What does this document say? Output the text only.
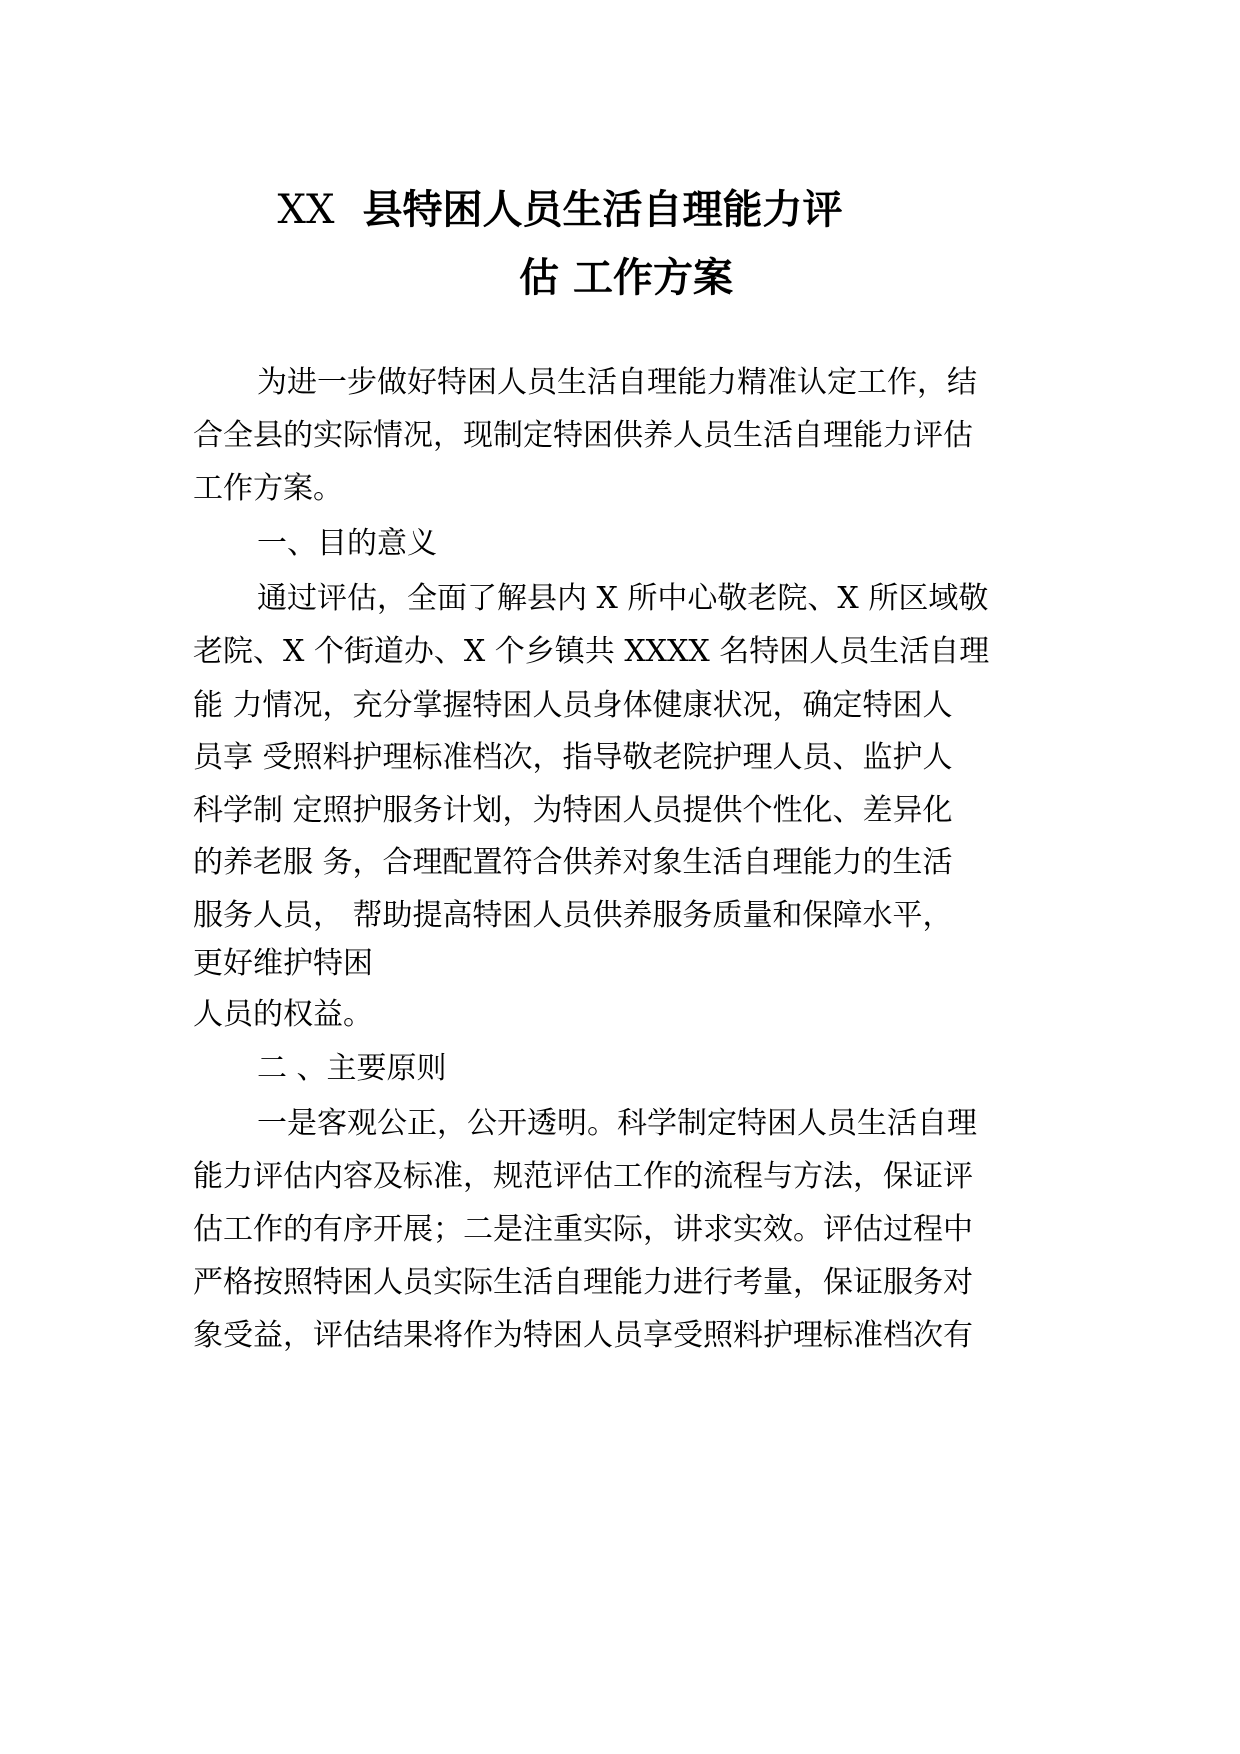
XX 县特困人员生活自理能力评
估 工作方案

为进一步做好特困人员生活自理能力精准认定工作，结

合全县的实际情况，现制定特困供养人员生活自理能力评估

工作方案。

一、目的意义

通过评估，全面了解县内 X 所中心敬老院、X 所区域敬

老院、X 个街道办、X 个乡镇共 XXXX 名特困人员生活自理

能 力情况，充分掌握特困人员身体健康状况，确定特困人

员享 受照料护理标准档次，指导敬老院护理人员、监护人

科学制 定照护服务计划，为特困人员提供个性化、差异化

的养老服 务，合理配置符合供养对象生活自理能力的生活

服务人员， 帮助提高特困人员供养服务质量和保障水平，

更好维护特困

人员的权益。

二 、主要原则

一是客观公正，公开透明。科学制定特困人员生活自理

能力评估内容及标准，规范评估工作的流程与方法，保证评

估工作的有序开展；二是注重实际，讲求实效。评估过程中

严格按照特困人员实际生活自理能力进行考量，保证服务对

象受益，评估结果将作为特困人员享受照料护理标准档次有
